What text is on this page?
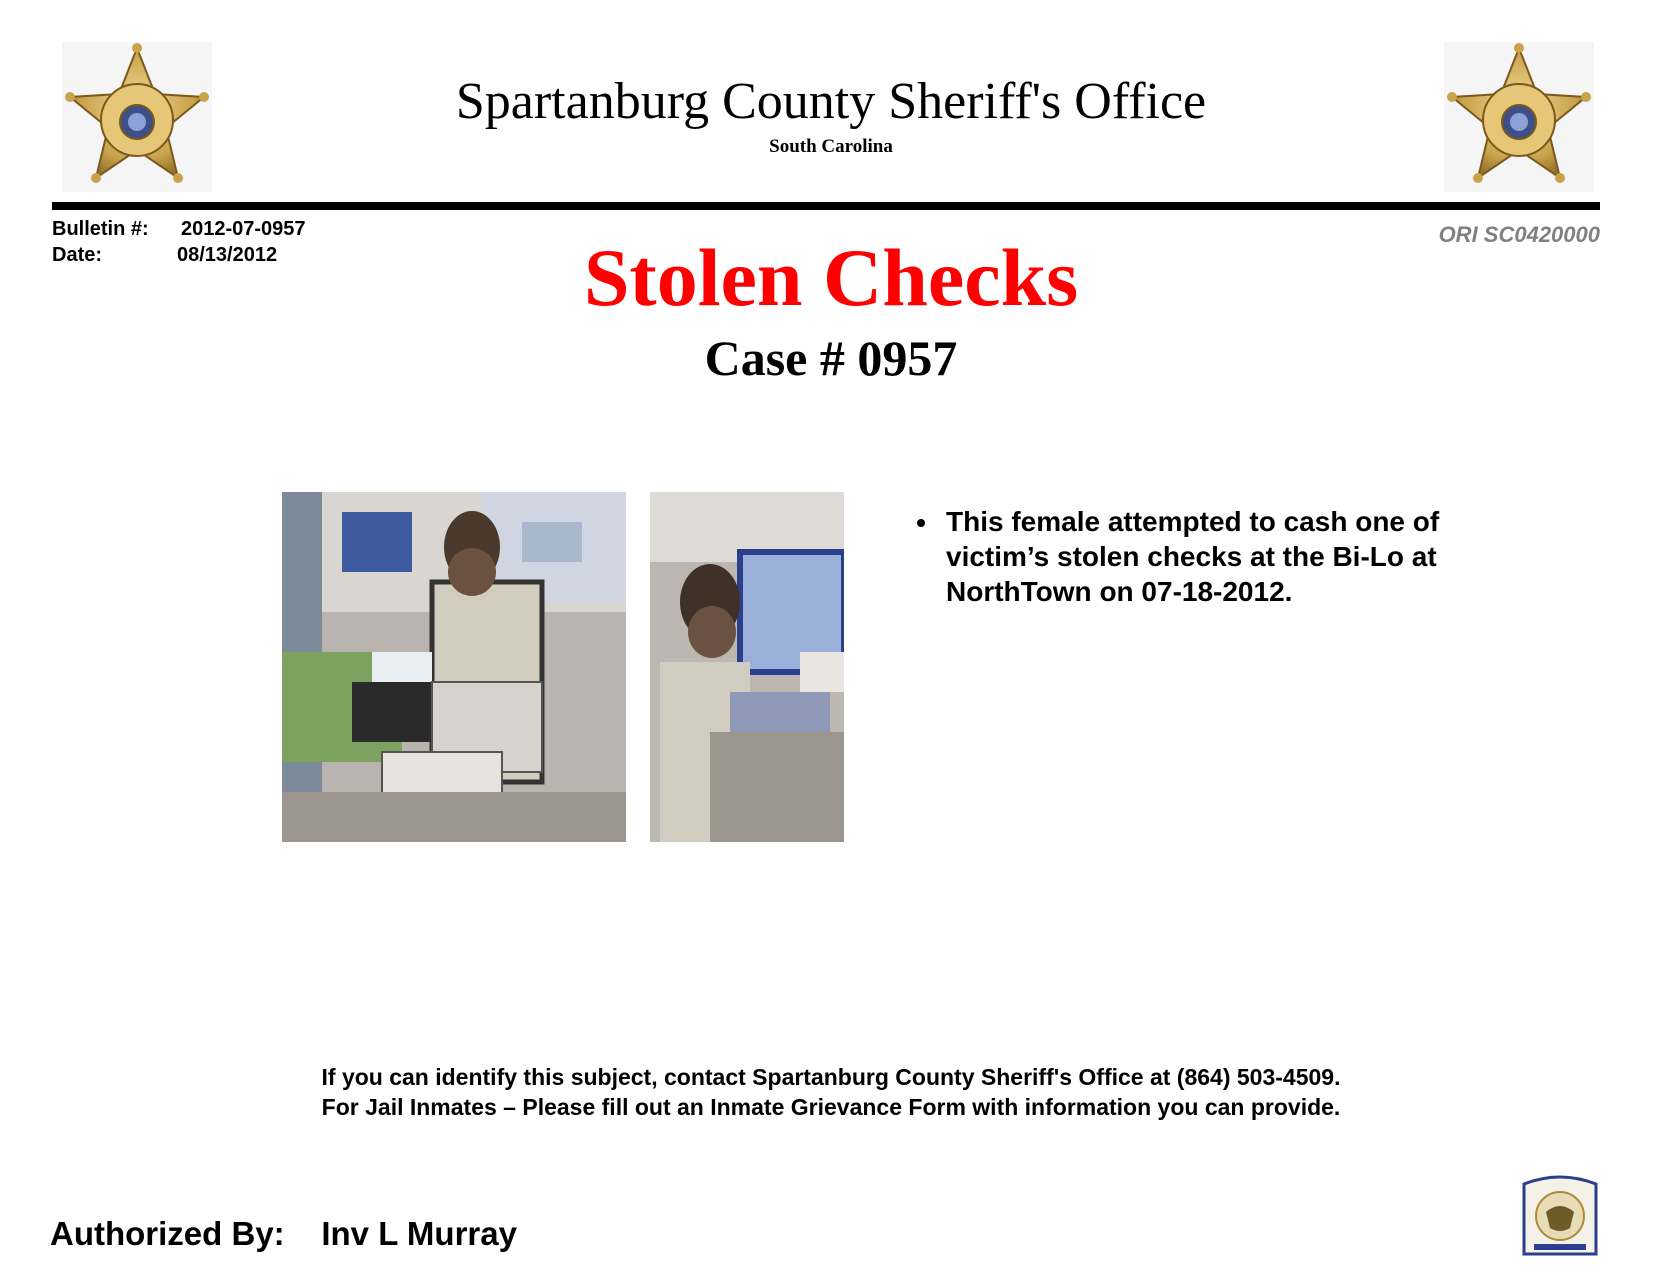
Spartanburg County Sheriff's Office
South Carolina
Bulletin #: 2012-07-0957
Date:	08/13/2012
ORI SC0420000
Stolen Checks
Case # 0957
• This female attempted to cash one of victim’s stolen checks at the Bi-Lo at NorthTown on 07-18-2012.
If you can identify this subject, contact Spartanburg County Sheriff's Office at (864) 503-4509.
For Jail Inmates – Please fill out an Inmate Grievance Form with information you can provide.
Authorized By: Inv L Murray
